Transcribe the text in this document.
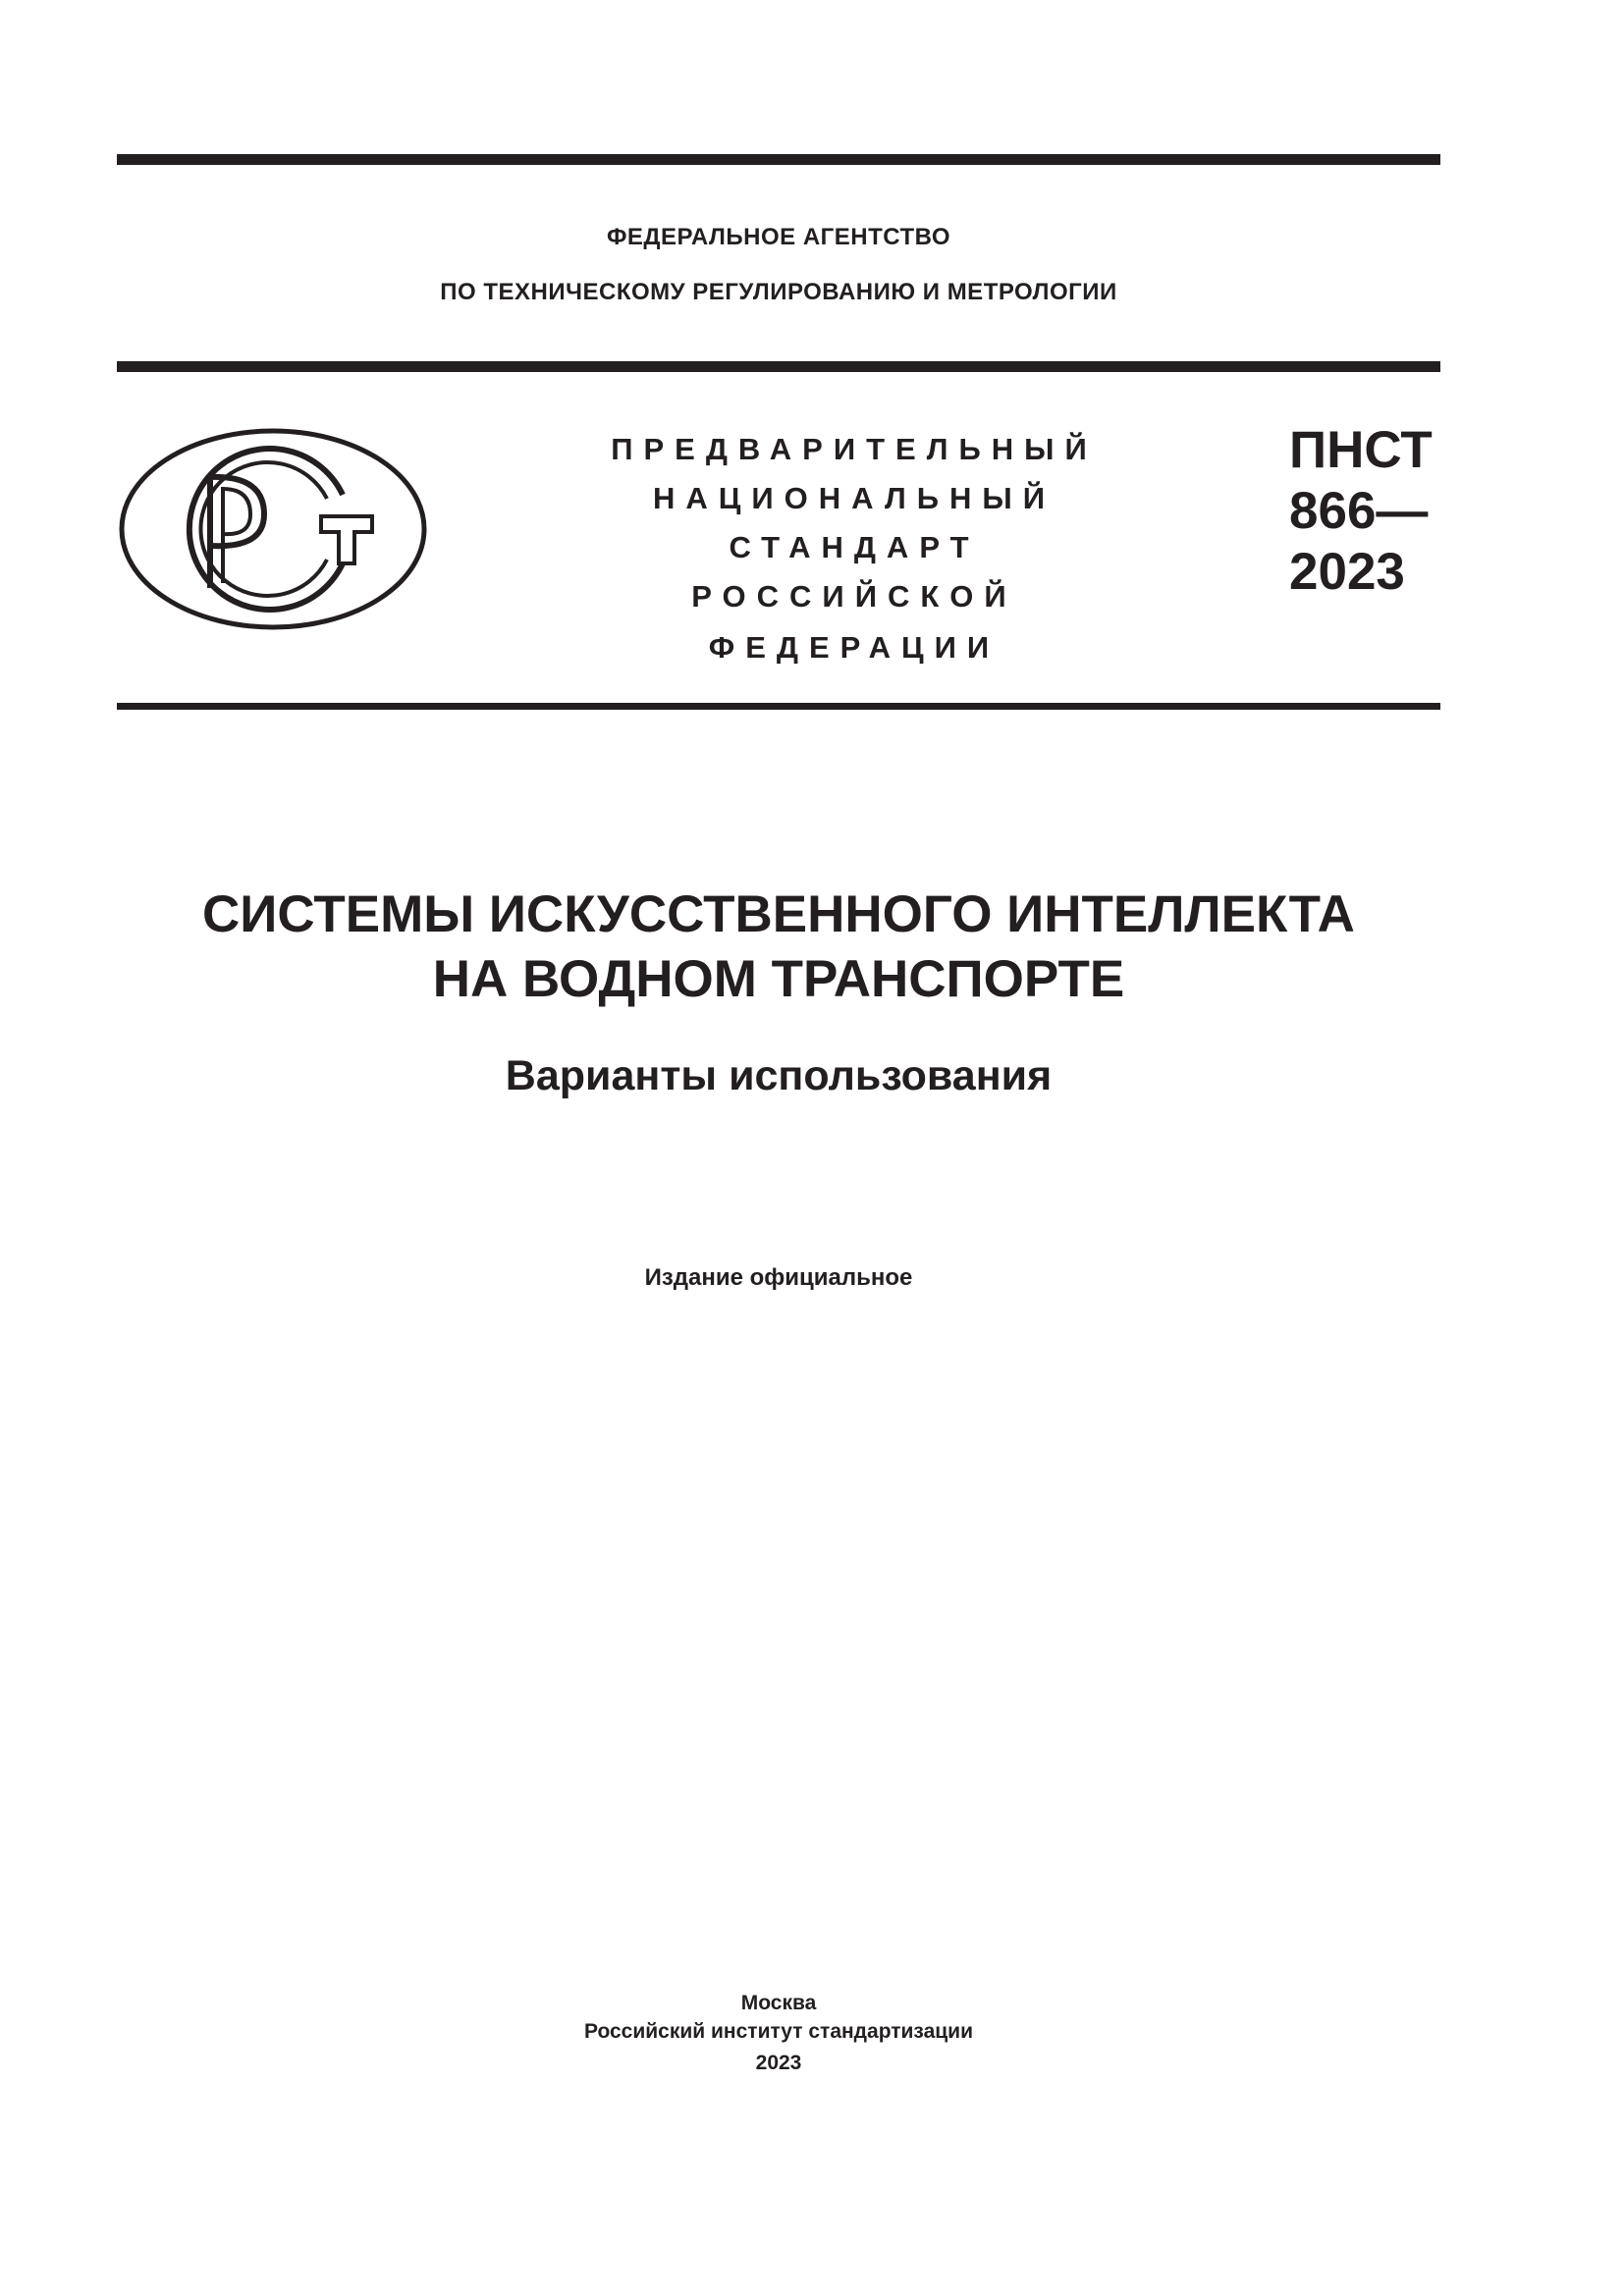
ФЕДЕРАЛЬНОЕ АГЕНТСТВО
ПО ТЕХНИЧЕСКОМУ РЕГУЛИРОВАНИЮ И МЕТРОЛОГИИ
ПРЕДВАРИТЕЛЬНЫЙ
НАЦИОНАЛЬНЫЙ
СТАНДАРТ
РОССИЙСКОЙ
ФЕДЕРАЦИИ
ПНСТ
866—
2023
СИСТЕМЫ ИСКУССТВЕННОГО ИНТЕЛЛЕКТА
НА ВОДНОМ ТРАНСПОРТЕ
Варианты использования
Издание официальное
Москва
Российский институт стандартизации
2023
